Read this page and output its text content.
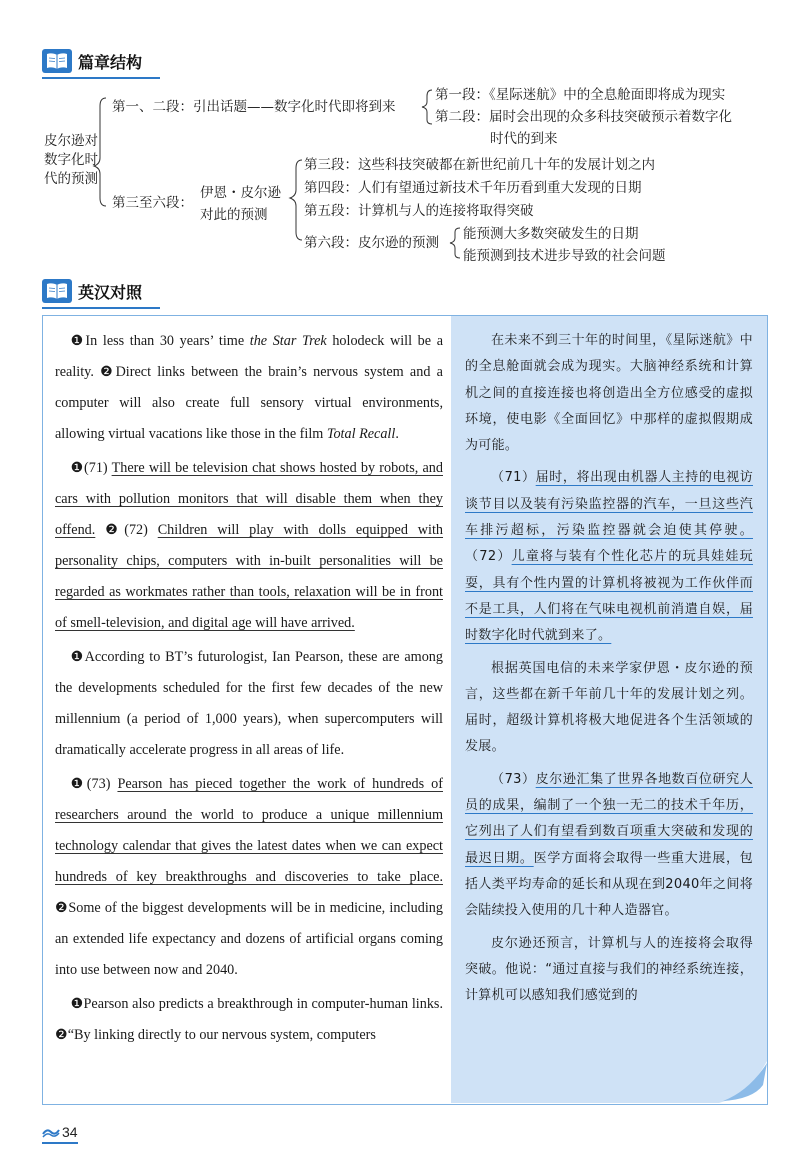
篇章结构
皮尔逊对
数字化时
代的预测
第一、二段：引出话题——数字化时代即将到来
第一段：《星际迷航》中的全息舱面即将成为现实
第二段：届时会出现的众多科技突破预示着数字化
时代的到来
第三至六段：
伊恩・皮尔逊
对此的预测
第三段：这些科技突破都在新世纪前几十年的发展计划之内
第四段：人们有望通过新技术千年历看到重大发现的日期
第五段：计算机与人的连接将取得突破
第六段：皮尔逊的预测
能预测大多数突破发生的日期
能预测到技术进步导致的社会问题
英汉对照

❶In less than 30 years’ time the Star Trek holodeck will be a reality. ❷Direct links between the brain’s nervous system and a computer will also create full sensory virtual environments, allowing virtual vacations like those in the film Total Recall.

❶(71) There will be television chat shows hosted by robots, and cars with pollution monitors that will disable them when they offend. ❷(72) Children will play with dolls equipped with personality chips, computers with in-built personalities will be regarded as workmates rather than tools, relaxation will be in front of smell-television, and digital age will have arrived.

❶According to BT’s futurologist, Ian Pearson, these are among the developments scheduled for the first few decades of the new millennium (a period of 1,000 years), when supercomputers will dramatically accelerate progress in all areas of life.

❶(73) Pearson has pieced together the work of hundreds of researchers around the world to produce a unique millennium technology calendar that gives the latest dates when we can expect hundreds of key breakthroughs and discoveries to take place. ❷Some of the biggest developments will be in medicine, including an extended life expectancy and dozens of artificial organs coming into use between now and 2040.

❶Pearson also predicts a breakthrough in computer-human links. ❷“By linking directly to our nervous system, computers

在未来不到三十年的时间里，《星际迷航》中的全息舱面就会成为现实。大脑神经系统和计算机之间的直接连接也将创造出全方位感受的虚拟环境，使电影《全面回忆》中那样的虚拟假期成为可能。

（71）届时，将出现由机器人主持的电视访谈节目以及装有污染监控器的汽车，一旦这些汽车排污超标，污染监控器就会迫使其停驶。（72）儿童将与装有个性化芯片的玩具娃娃玩耍，具有个性内置的计算机将被视为工作伙伴而不是工具，人们将在气味电视机前消遣自娱，届时数字化时代就到来了。

根据英国电信的未来学家伊恩・皮尔逊的预言，这些都在新千年前几十年的发展计划之列。届时，超级计算机将极大地促进各个生活领域的发展。

（73）皮尔逊汇集了世界各地数百位研究人员的成果，编制了一个独一无二的技术千年历，它列出了人们有望看到数百项重大突破和发现的最迟日期。医学方面将会取得一些重大进展，包括人类平均寿命的延长和从现在到2040年之间将会陆续投入使用的几十种人造器官。

皮尔逊还预言，计算机与人的连接将会取得突破。他说：“通过直接与我们的神经系统连接，计算机可以感知我们感觉到的

34
